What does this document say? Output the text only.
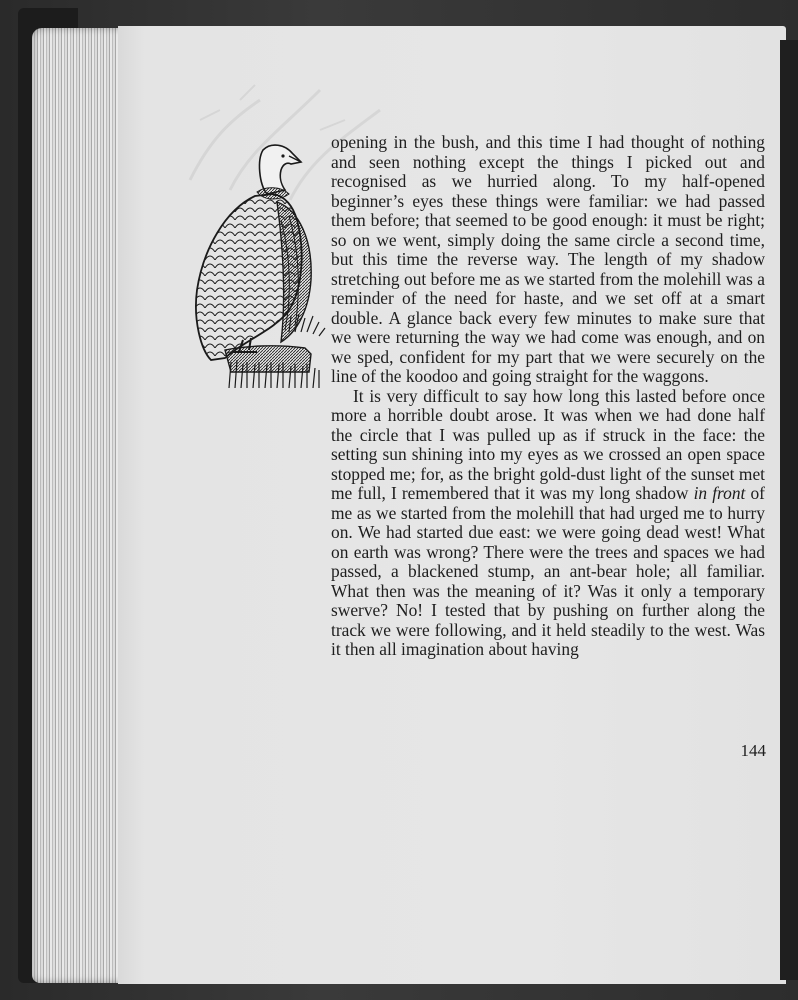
opening in the bush, and this time I had thought of nothing and seen nothing except the things I picked out and recognised as we hurried along. To my half-opened beginner’s eyes these things were familiar: we had passed them before; that seemed to be good enough: it must be right; so on we went, simply doing the same circle a second time, but this time the reverse way. The length of my shadow stretching out before me as we started from the molehill was a reminder of the need for haste, and we set off at a smart double. A glance back every few minutes to make sure that we were returning the way we had come was enough, and on we sped, confident for my part that we were securely on the line of the koodoo and going straight for the waggons.

It is very difficult to say how long this lasted before once more a horrible doubt arose. It was when we had done half the circle that I was pulled up as if struck in the face: the setting sun shining into my eyes as we crossed an open space stopped me; for, as the bright gold-dust light of the sunset met me full, I remembered that it was my long shadow in front of me as we started from the molehill that had urged me to hurry on. We had started due east: we were going dead west! What on earth was wrong? There were the trees and spaces we had passed, a blackened stump, an ant-bear hole; all familiar. What then was the meaning of it? Was it only a temporary swerve? No! I tested that by pushing on further along the track we were following, and it held steadily to the west. Was it then all imagination about having

144
